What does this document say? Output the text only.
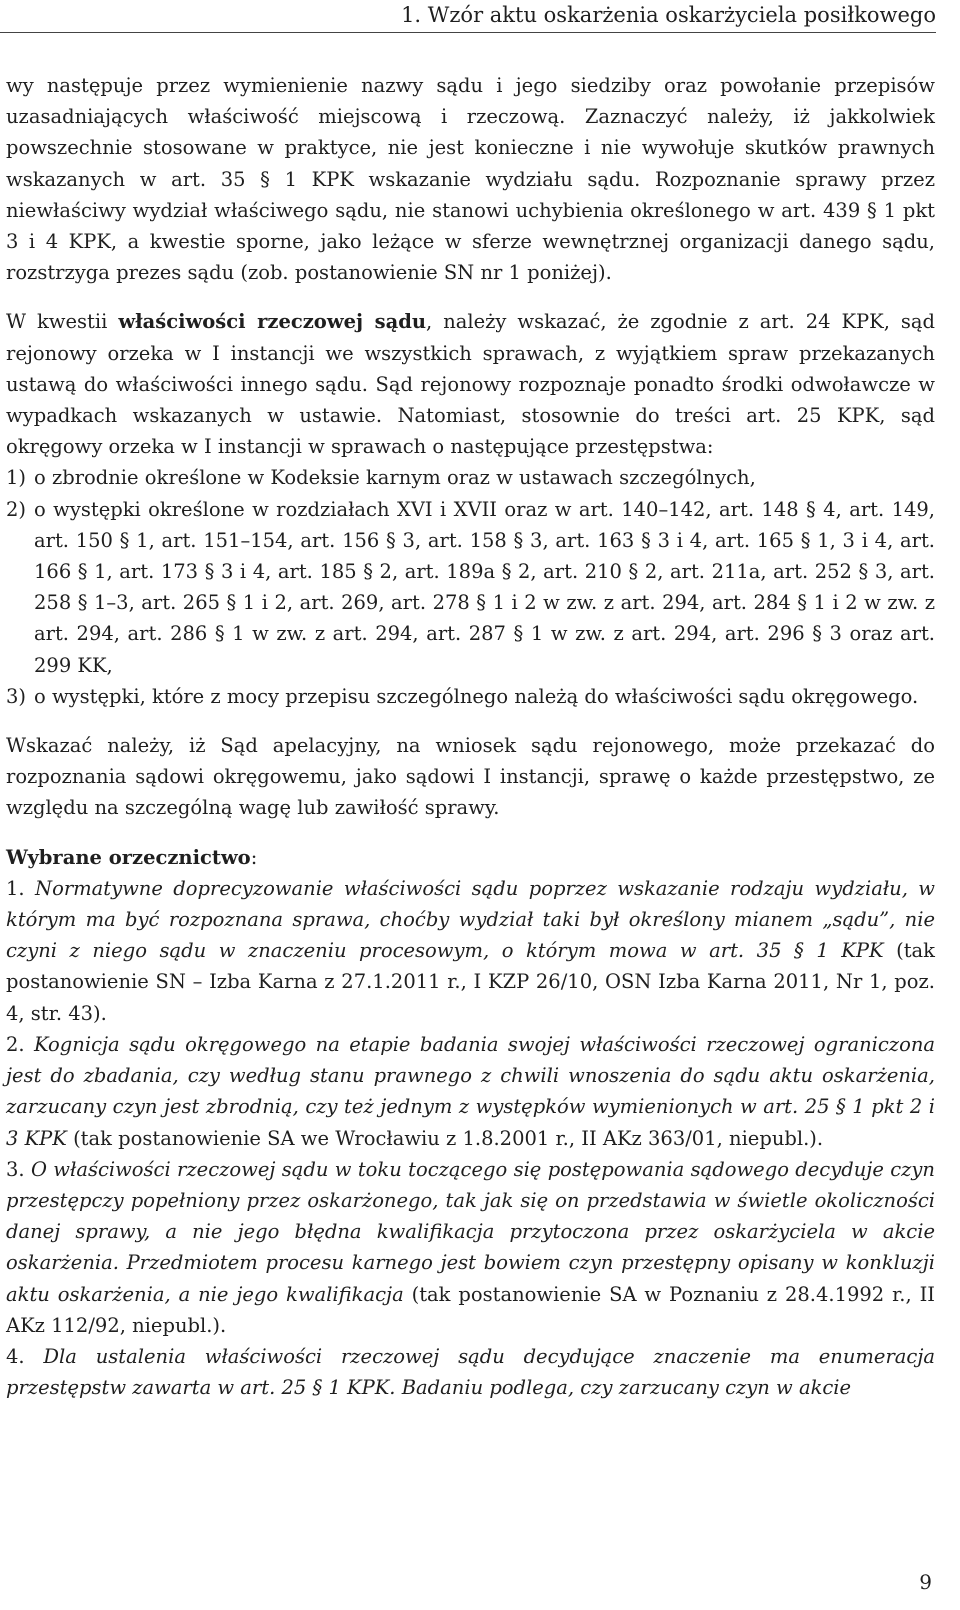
1. Wzór aktu oskarżenia oskarżyciela posiłkowego

wy następuje przez wymienienie nazwy sądu i jego siedziby oraz powołanie przepisów uzasadniających właściwość miejscową i rzeczową. Zaznaczyć należy, iż jakkolwiek powszechnie stosowane w praktyce, nie jest konieczne i nie wywołuje skutków prawnych wskazanych w art. 35 § 1 KPK wskazanie wydziału sądu. Rozpoznanie sprawy przez niewłaściwy wydział właściwego sądu, nie stanowi uchybienia określonego w art. 439 § 1 pkt 3 i 4 KPK, a kwestie sporne, jako leżące w sferze wewnętrznej organizacji danego sądu, rozstrzyga prezes sądu (zob. postanowienie SN nr 1 poniżej).

W kwestii właściwości rzeczowej sądu, należy wskazać, że zgodnie z art. 24 KPK, sąd rejonowy orzeka w I instancji we wszystkich sprawach, z wyjątkiem spraw przekazanych ustawą do właściwości innego sądu. Sąd rejonowy rozpoznaje ponadto środki odwoławcze w wypadkach wskazanych w ustawie. Natomiast, stosownie do treści art. 25 KPK, sąd okręgowy orzeka w I instancji w sprawach o następujące przestępstwa:

1) o zbrodnie określone w Kodeksie karnym oraz w ustawach szczególnych,
2) o występki określone w rozdziałach XVI i XVII oraz w art. 140–142, art. 148 § 4, art. 149, art. 150 § 1, art. 151–154, art. 156 § 3, art. 158 § 3, art. 163 § 3 i 4, art. 165 § 1, 3 i 4, art. 166 § 1, art. 173 § 3 i 4, art. 185 § 2, art. 189a § 2, art. 210 § 2, art. 211a, art. 252 § 3, art. 258 § 1–3, art. 265 § 1 i 2, art. 269, art. 278 § 1 i 2 w zw. z art. 294, art. 284 § 1 i 2 w zw. z art. 294, art. 286 § 1 w zw. z art. 294, art. 287 § 1 w zw. z art. 294, art. 296 § 3 oraz art. 299 KK,
3) o występki, które z mocy przepisu szczególnego należą do właściwości sądu okręgowego.

Wskazać należy, iż Sąd apelacyjny, na wniosek sądu rejonowego, może przekazać do rozpoznania sądowi okręgowemu, jako sądowi I instancji, sprawę o każde przestępstwo, ze względu na szczególną wagę lub zawiłość sprawy.

Wybrane orzecznictwo:

1. Normatywne doprecyzowanie właściwości sądu poprzez wskazanie rodzaju wydziału, w którym ma być rozpoznana sprawa, choćby wydział taki był określony mianem „sądu”, nie czyni z niego sądu w znaczeniu procesowym, o którym mowa w art. 35 § 1 KPK (tak postanowienie SN – Izba Karna z 27.1.2011 r., I KZP 26/10, OSN Izba Karna 2011, Nr 1, poz. 4, str. 43).

2. Kognicja sądu okręgowego na etapie badania swojej właściwości rzeczowej ograniczona jest do zbadania, czy według stanu prawnego z chwili wnoszenia do sądu aktu oskarżenia, zarzucany czyn jest zbrodnią, czy też jednym z występków wymienionych w art. 25 § 1 pkt 2 i 3 KPK (tak postanowienie SA we Wrocławiu z 1.8.2001 r., II AKz 363/01, niepubl.).

3. O właściwości rzeczowej sądu w toku toczącego się postępowania sądowego decyduje czyn przestępczy popełniony przez oskarżonego, tak jak się on przedstawia w świetle okoliczności danej sprawy, a nie jego błędna kwalifikacja przytoczona przez oskarżyciela w akcie oskarżenia. Przedmiotem procesu karnego jest bowiem czyn przestępny opisany w konkluzji aktu oskarżenia, a nie jego kwalifikacja (tak postanowienie SA w Poznaniu z 28.4.1992 r., II AKz 112/92, niepubl.).

4. Dla ustalenia właściwości rzeczowej sądu decydujące znaczenie ma enumeracja przestępstw zawarta w art. 25 § 1 KPK. Badaniu podlega, czy zarzucany czyn w akcie

9
